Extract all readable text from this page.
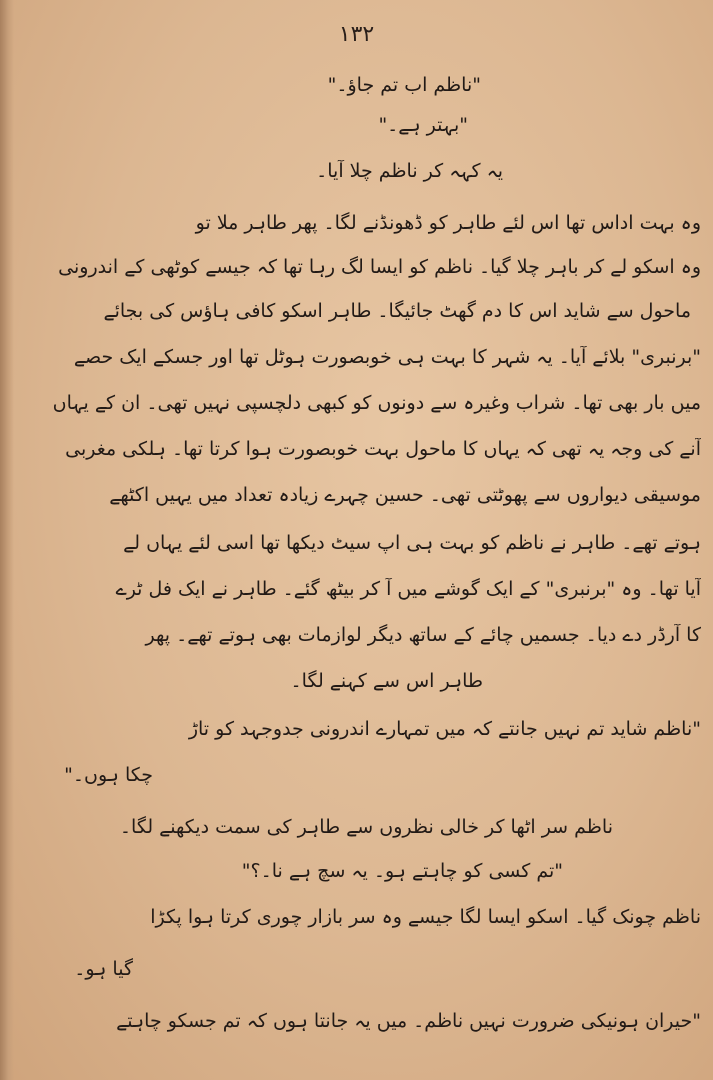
۱۳۲
"ناظم اب تم جاؤ۔"
"بہتر ہے۔"
یہ کہہ کر ناظم چلا آیا۔
وہ بہت اداس تھا اس لئے طاہر کو ڈھونڈنے لگا۔ پھر طاہر ملا تو
وہ اسکو لے کر باہر چلا گیا۔ ناظم کو ایسا لگ رہا تھا کہ جیسے کوٹھی کے اندرونی
ماحول سے شاید اس کا دم گھٹ جائیگا۔ طاہر اسکو کافی ہاؤس کی بجائے
"برنبری" بلائے آیا۔ یہ شہر کا بہت ہی خوبصورت ہوٹل تھا اور جسکے ایک حصے
میں بار بھی تھا۔ شراب وغیرہ سے دونوں کو کبھی دلچسپی نہیں تھی۔ ان کے یہاں
آنے کی وجہ یہ تھی کہ یہاں کا ماحول بہت خوبصورت ہوا کرتا تھا۔ ہلکی مغربی
موسیقی دیواروں سے پھوٹتی تھی۔ حسین چہرے زیادہ تعداد میں یہیں اکٹھے
ہوتے تھے۔ طاہر نے ناظم کو بہت ہی اپ سیٹ دیکھا تھا اسی لئے یہاں لے
آیا تھا۔ وہ "برنبری" کے ایک گوشے میں آ کر بیٹھ گئے۔ طاہر نے ایک فل ٹرے
کا آرڈر دے دیا۔ جسمیں چائے کے ساتھ دیگر لوازمات بھی ہوتے تھے۔ پھر
طاہر اس سے کہنے لگا۔
"ناظم شاید تم نہیں جانتے کہ میں تمہارے اندرونی جدوجہد کو تاڑ
چکا ہوں۔"
ناظم سر اٹھا کر خالی نظروں سے طاہر کی سمت دیکھنے لگا۔
"تم کسی کو چاہتے ہو۔ یہ سچ ہے نا۔؟"
ناظم چونک گیا۔ اسکو ایسا لگا جیسے وہ سر بازار چوری کرتا ہوا پکڑا
گیا ہو۔
"حیران ہونیکی ضرورت نہیں ناظم۔ میں یہ جانتا ہوں کہ تم جسکو چاہتے
